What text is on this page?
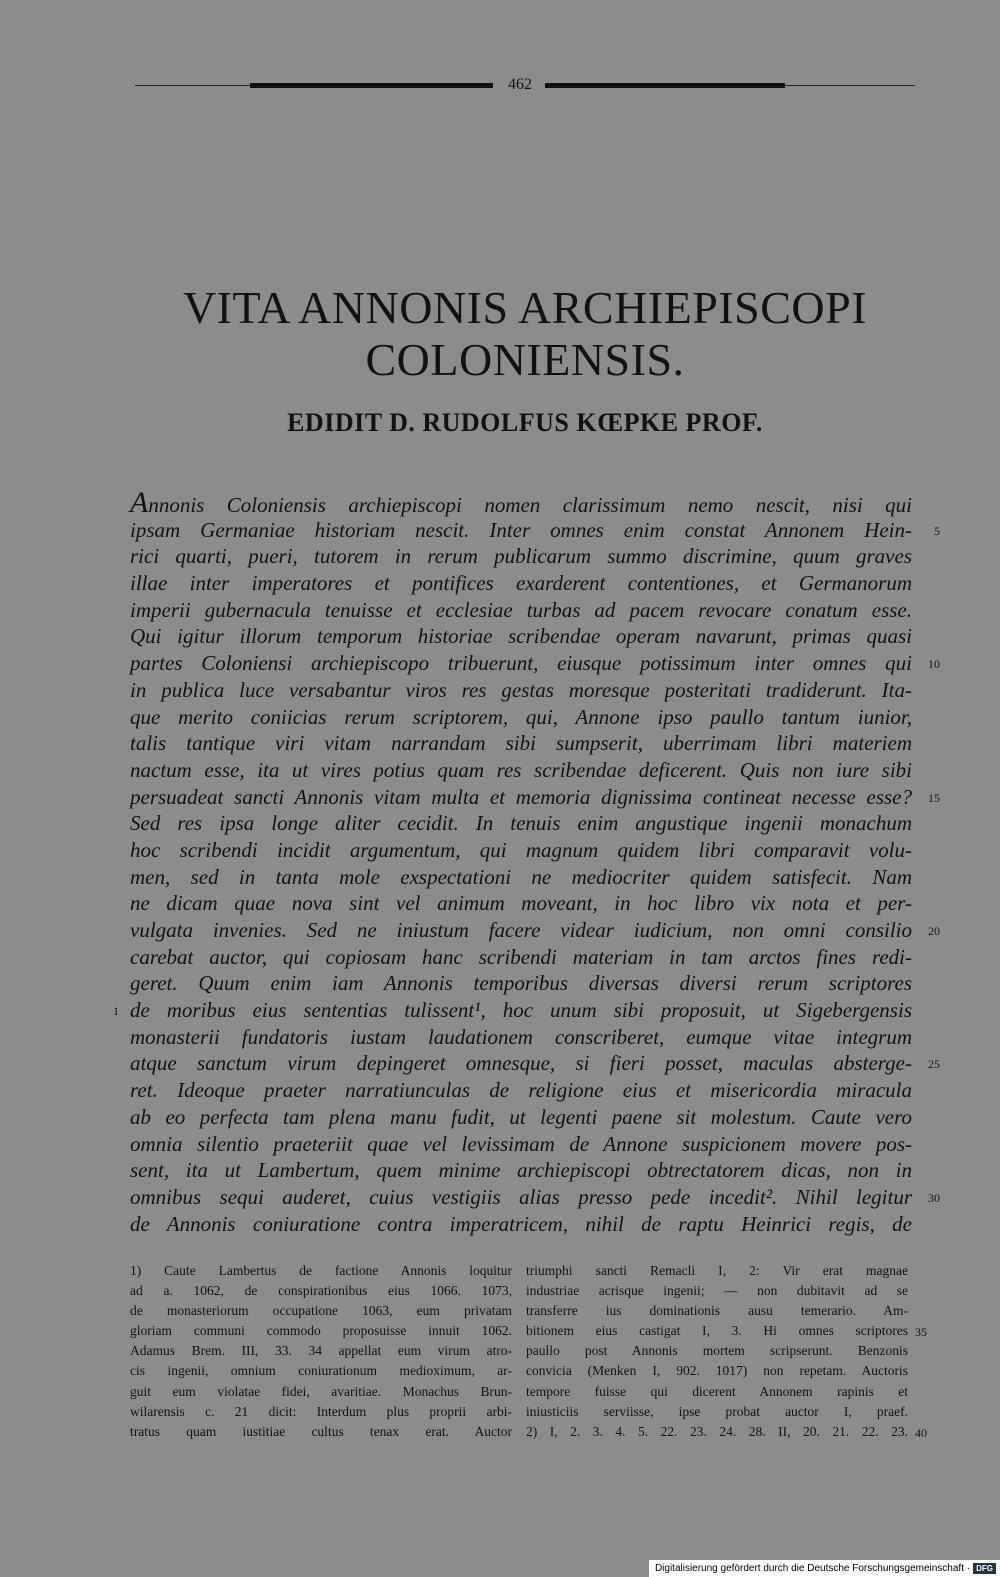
462
VITA ANNONIS ARCHIEPISCOPI
COLONIENSIS.
EDIDIT D. RUDOLFUS KŒPKE PROF.
Annonis Coloniensis archiepiscopi nomen clarissimum nemo nescit, nisi qui
ipsam Germaniae historiam nescit. Inter omnes enim constat Annonem Hein- 5
rici quarti, pueri, tutorem in rerum publicarum summo discrimine, quum graves
illae inter imperatores et pontifices exarderent contentiones, et Germanorum
imperii gubernacula tenuisse et ecclesiae turbas ad pacem revocare conatum esse.
Qui igitur illorum temporum historiae scribendae operam navarunt, primas quasi
partes Coloniensi archiepiscopo tribuerunt, eiusque potissimum inter omnes qui 10
in publica luce versabantur viros res gestas moresque posteritati tradiderunt. Ita-
que merito coniicias rerum scriptorem, qui, Annone ipso paullo tantum iunior,
talis tantique viri vitam narrandam sibi sumpserit, uberrimam libri materiem
nactum esse, ita ut vires potius quam res scribendae deficerent. Quis non iure sibi
persuadeat sancti Annonis vitam multa et memoria dignissima contineat necesse esse? 15
Sed res ipsa longe aliter cecidit. In tenuis enim angustique ingenii monachum
hoc scribendi incidit argumentum, qui magnum quidem libri comparavit volu-
men, sed in tanta mole exspectationi ne mediocriter quidem satisfecit. Nam
ne dicam quae nova sint vel animum moveant, in hoc libro vix nota et per-
vulgata invenies. Sed ne iniustum facere videar iudicium, non omni consilio 20
carebat auctor, qui copiosam hanc scribendi materiam in tam arctos fines redi-
geret. Quum enim iam Annonis temporibus diversas diversi rerum scriptores
de moribus eius sententias tulissent¹, hoc unum sibi proposuit, ut Sigebergensis
1
monasterii fundatoris iustam laudationem conscriberet, eumque vitae integrum
atque sanctum virum depingeret omnesque, si fieri posset, maculas absterge- 25
ret. Ideoque praeter narratiunculas de religione eius et misericordia miracula
ab eo perfecta tam plena manu fudit, ut legenti paene sit molestum. Caute vero
omnia silentio praeteriit quae vel levissimam de Annone suspicionem movere pos-
sent, ita ut Lambertum, quem minime archiepiscopi obtrectatorem dicas, non in
omnibus sequi auderet, cuius vestigiis alias presso pede incedit². Nihil legitur 30
de Annonis coniuratione contra imperatricem, nihil de raptu Heinrici regis, de
1) Caute Lambertus de factione Annonis loquitur
ad a. 1062, de conspirationibus eius 1066. 1073,
de monasteriorum occupatione 1063, eum privatam
gloriam communi commodo proposuisse innuit 1062.
Adamus Brem. III, 33. 34 appellat eum virum atro-
cis ingenii, omnium coniurationum medioximum, ar-
guit eum violatae fidei, avaritiae. Monachus Brun-
wilarensis c. 21 dicit: Interdum plus proprii arbi-
tratus quam iustitiae cultus tenax erat. Auctor
triumphi sancti Remacli I, 2: Vir erat magnae
industriae acrisque ingenii; — non dubitavit ad se
transferre ius dominationis ausu temerario. Am-
bitionem eius castigat I, 3. Hi omnes scriptores
paullo post Annonis mortem scripserunt. Benzonis
convicia (Menken I, 902. 1017) non repetam. Auctoris
tempore fuisse qui dicerent Annonem rapinis et
iniusticiis serviisse, ipse probat auctor I, praef.
2) I, 2. 3. 4. 5. 22. 23. 24. 28. II, 20. 21. 22. 23.
35
40
Digitalisierung gefördert durch die Deutsche Forschungsgemeinschaft · DFG
